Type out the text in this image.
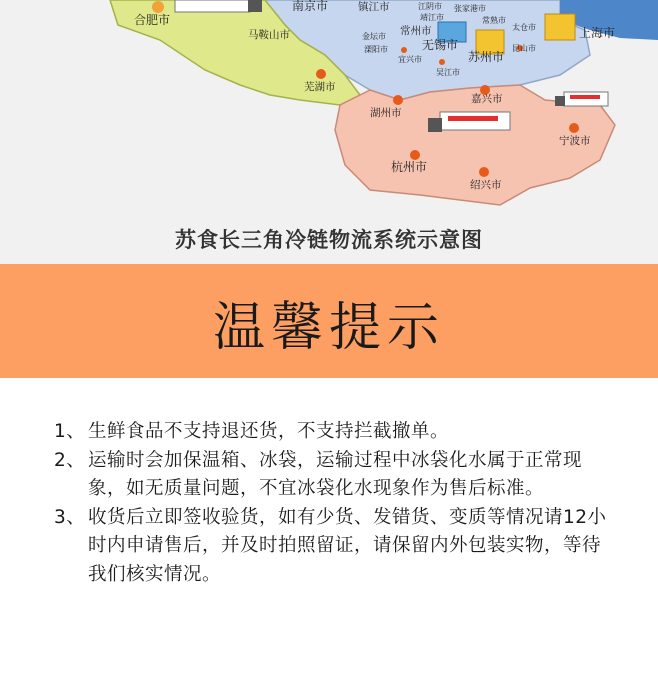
合肥市
南京市	镇江市	江阴市 张家港市
靖江市	常熟市
马鞍山市	常州市
无锡市
太仓市
金坛市
苏州市
昆山市
上海市
溧阳市
宜兴市
吴江市
芜湖市
嘉兴市
湖州市
宁波市
杭州市
绍兴市
苏食长三角冷链物流系统示意图
温馨提示
1、 生鲜食品不支持退还货，不支持拦截撤单。
2、 运输时会加保温箱、冰袋，运输过程中冰袋化水属于正常现象，如无质量问题，不宜冰袋化水现象作为售后标准。
3、 收货后立即签收验货，如有少货、发错货、变质等情况请12小时内申请售后，并及时拍照留证，请保留内外包装实物，等待我们核实情况。
